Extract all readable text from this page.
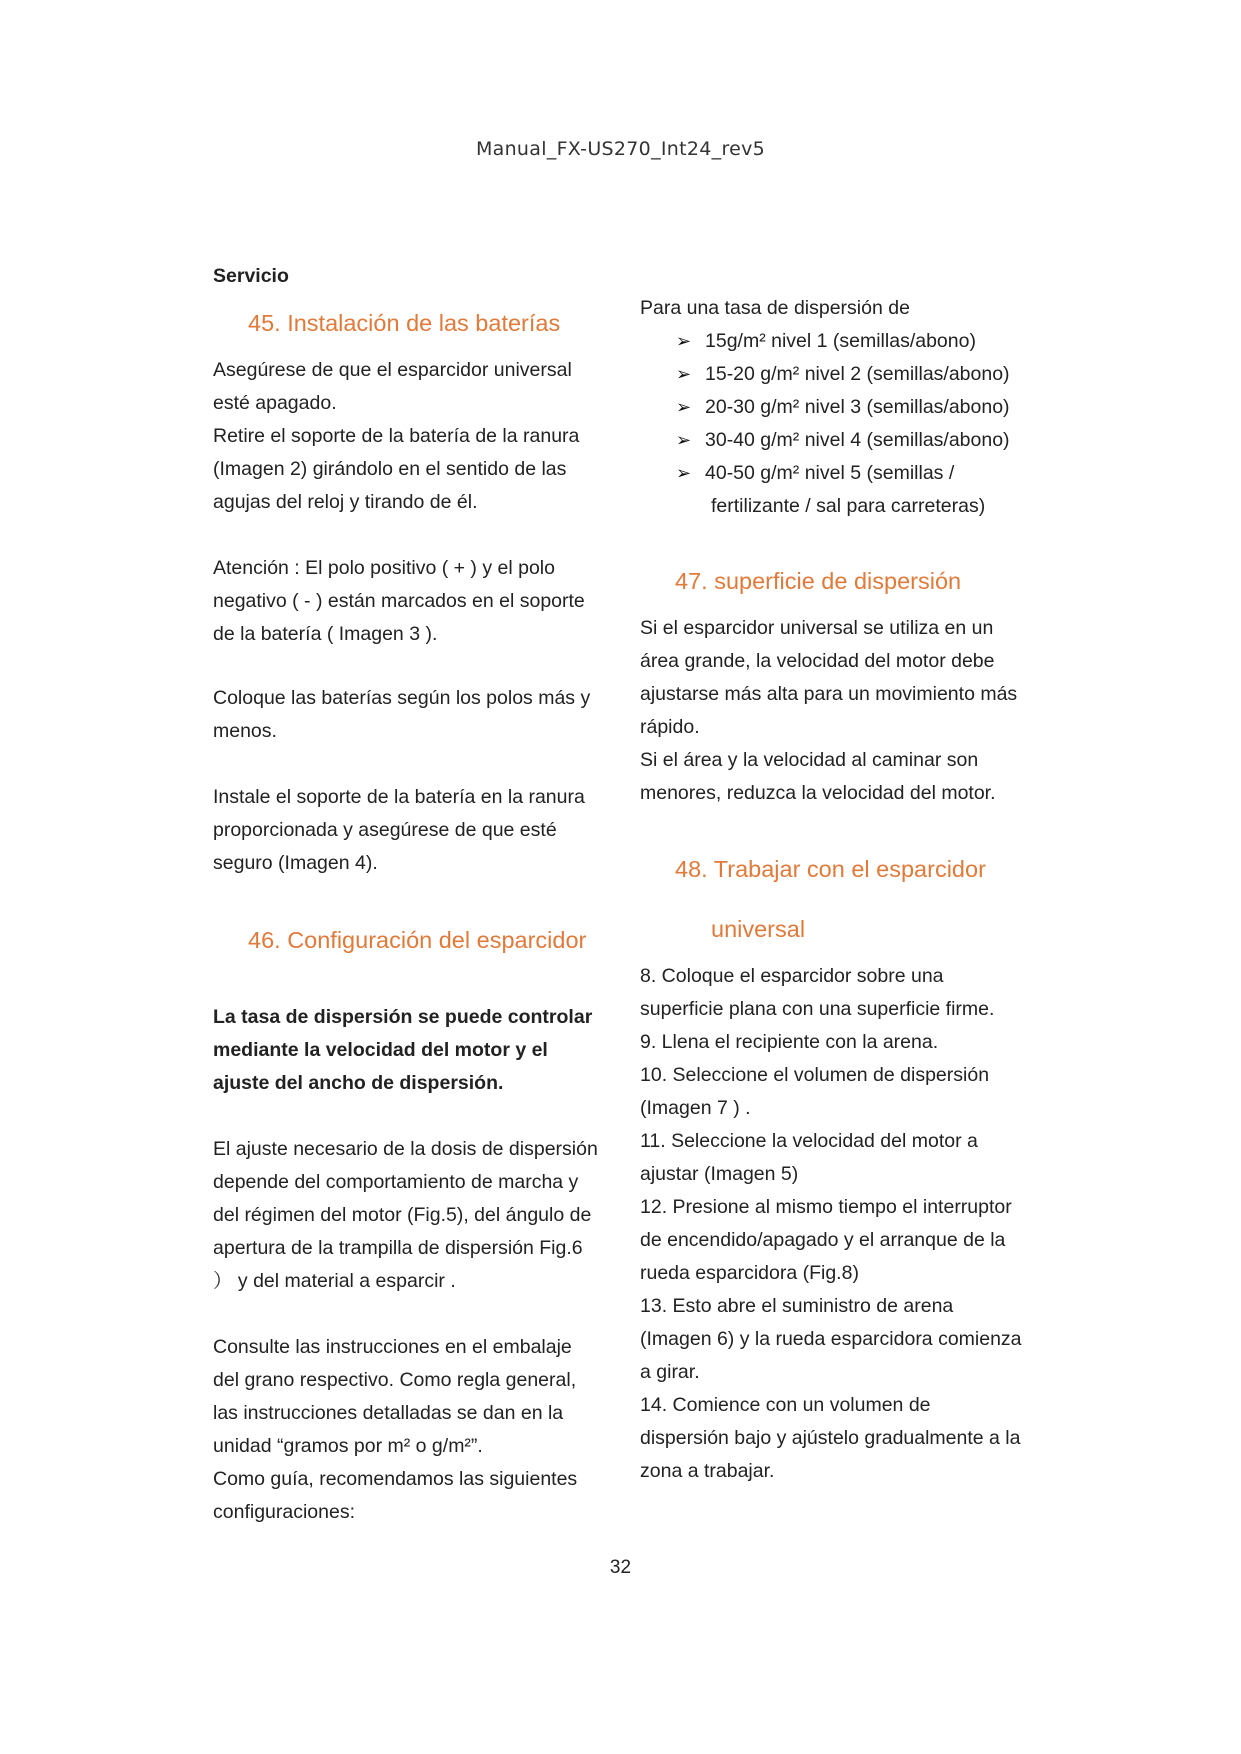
Manual_FX-US270_Int24_rev5

Servicio

45. Instalación de las baterías

Asegúrese de que el esparcidor universal

esté apagado.

Retire el soporte de la batería de la ranura

(Imagen 2) girándolo en el sentido de las

agujas del reloj y tirando de él.

Atención : El polo positivo ( + ) y el polo

negativo ( - ) están marcados en el soporte

de la batería ( Imagen 3 ).

Coloque las baterías según los polos más y

menos.

Instale el soporte de la batería en la ranura

proporcionada y asegúrese de que esté

seguro (Imagen 4).

46. Configuración del esparcidor

La tasa de dispersión se puede controlar

mediante la velocidad del motor y el

ajuste del ancho de dispersión.

El ajuste necesario de la dosis de dispersión

depende del comportamiento de marcha y

del régimen del motor (Fig.5), del ángulo de

apertura de la trampilla de dispersión Fig.6

） y del material a esparcir .

Consulte las instrucciones en el embalaje

del grano respectivo. Como regla general,

las instrucciones detalladas se dan en la

unidad “gramos por m² o g/m²”.

Como guía, recomendamos las siguientes

configuraciones:

Para una tasa de dispersión de

➢ 15g/m² nivel 1 (semillas/abono)
➢ 15-20 g/m² nivel 2 (semillas/abono)
➢ 20-30 g/m² nivel 3 (semillas/abono)
➢ 30-40 g/m² nivel 4 (semillas/abono)
➢ 40-50 g/m² nivel 5 (semillas /
fertilizante / sal para carreteras)
47. superficie de dispersión

Si el esparcidor universal se utiliza en un

área grande, la velocidad del motor debe

ajustarse más alta para un movimiento más

rápido.

Si el área y la velocidad al caminar son

menores, reduzca la velocidad del motor.

48. Trabajar con el esparcidor
universal

8. Coloque el esparcidor sobre una

superficie plana con una superficie firme.

9. Llena el recipiente con la arena.

10. Seleccione el volumen de dispersión

(Imagen 7 ) .

11. Seleccione la velocidad del motor a

ajustar (Imagen 5)

12. Presione al mismo tiempo el interruptor

de encendido/apagado y el arranque de la

rueda esparcidora (Fig.8)

13. Esto abre el suministro de arena

(Imagen 6) y la rueda esparcidora comienza

a girar.

14. Comience con un volumen de

dispersión bajo y ajústelo gradualmente a la

zona a trabajar.

32
